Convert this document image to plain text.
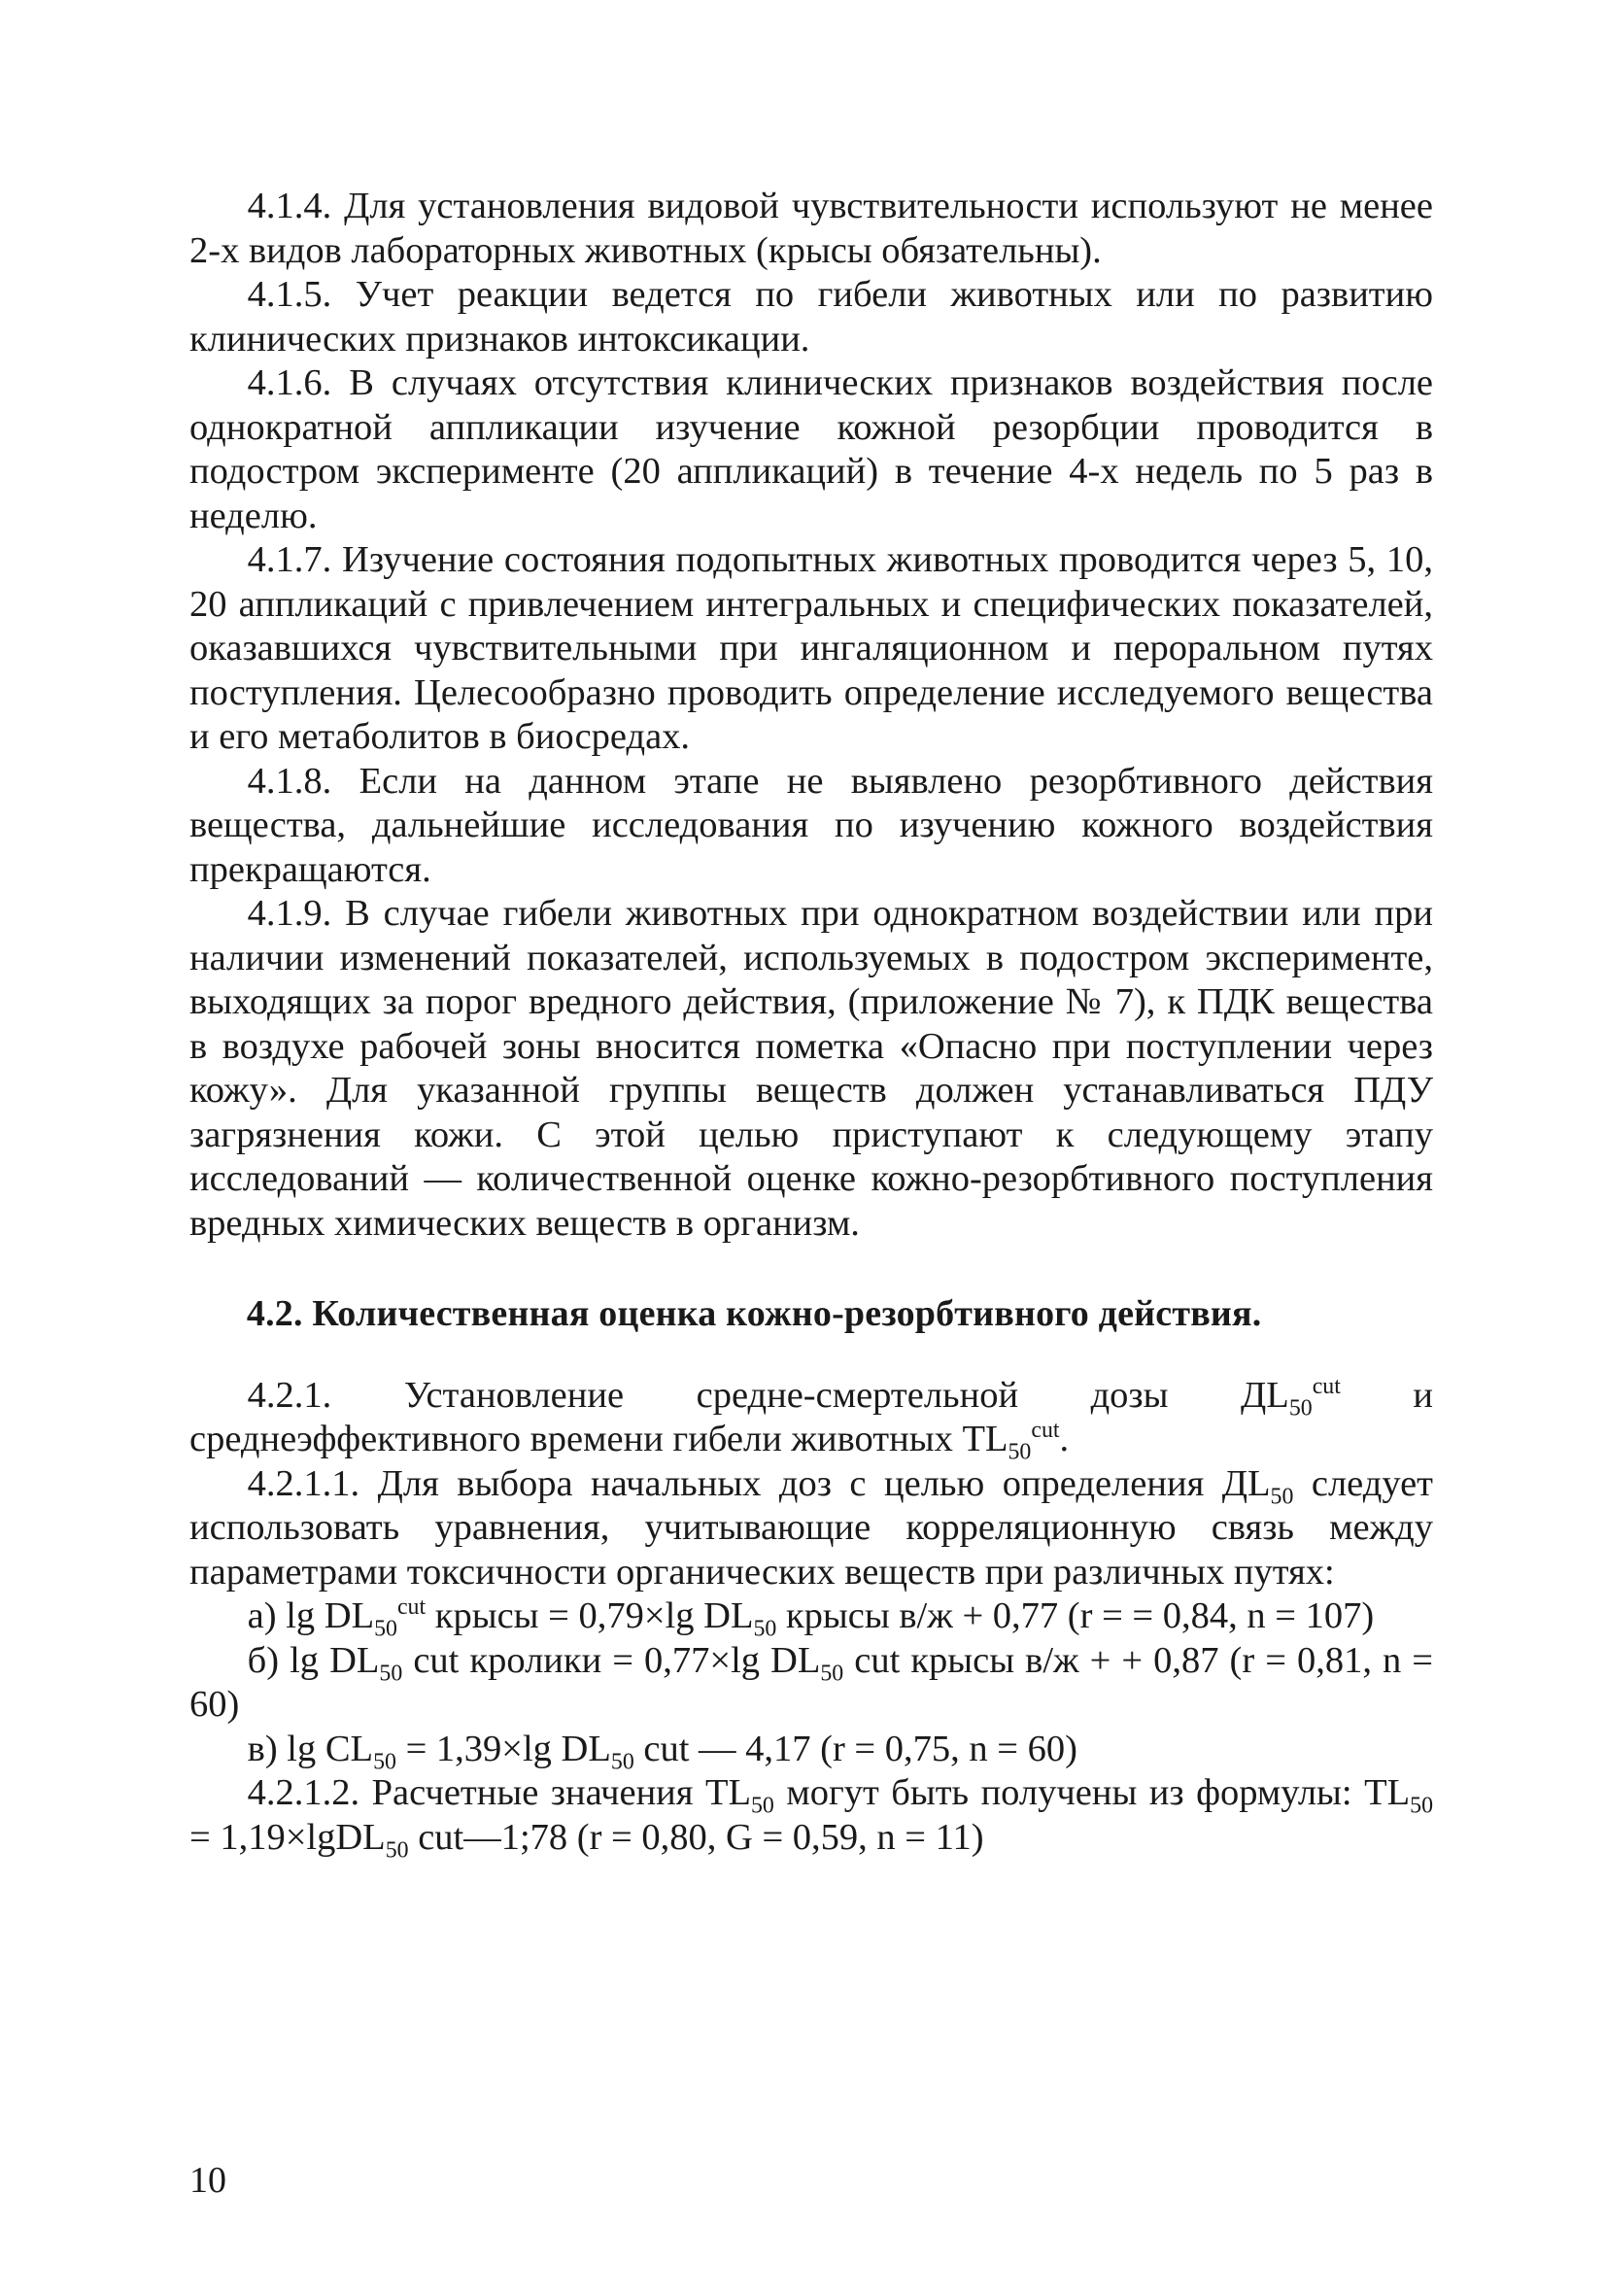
4.1.4. Для установления видовой чувствительности используют не менее 2-х видов лабораторных животных (крысы обязательны).

4.1.5. Учет реакции ведется по гибели животных или по развитию клинических признаков интоксикации.

4.1.6. В случаях отсутствия клинических признаков воздействия после однократной аппликации изучение кожной резорбции проводится в подостром эксперименте (20 аппликаций) в течение 4-х недель по 5 раз в неделю.

4.1.7. Изучение состояния подопытных животных проводится через 5, 10, 20 аппликаций с привлечением интегральных и специфических показателей, оказавшихся чувствительными при ингаляционном и пероральном путях поступления. Целесообразно проводить определение исследуемого вещества и его метаболитов в биосредах.

4.1.8. Если на данном этапе не выявлено резорбтивного действия вещества, дальнейшие исследования по изучению кожного воздействия прекращаются.

4.1.9. В случае гибели животных при однократном воздействии или при наличии изменений показателей, используемых в подостром эксперименте, выходящих за порог вредного действия, (приложение № 7), к ПДК вещества в воздухе рабочей зоны вносится пометка «Опасно при поступлении через кожу». Для указанной группы веществ должен устанавливаться ПДУ загрязнения кожи. С этой целью приступают к следующему этапу исследований — количественной оценке кожно-резорбтивного поступления вредных химических веществ в организм.

4.2. Количественная оценка кожно-резорбтивного действия.

4.2.1. Установление средне-смертельной дозы $ДL_{50}^{cut}$ и среднеэффективного времени гибели животных $TL_{50}^{cut}$.

4.2.1.1. Для выбора начальных доз с целью определения $ДL_{50}$ следует использовать уравнения, учитывающие корреляционную связь между параметрами токсичности органических веществ при различных путях:

а) $\lg DL_{50}^{cut}$ крысы = 0,79×lg $DL_{50}$ крысы в/ж + 0,77 (r = = 0,84, n = 107)

б) $\lg DL_{50}$ cut кролики = 0,77×lg $DL_{50}$ cut крысы в/ж + + 0,87 (r = 0,81, n = 60)

в) $\lg CL_{50} = 1,39\times\lg$ $DL_{50}$ cut — 4,17 (r = 0,75, n = 60)

4.2.1.2. Расчетные значения $TL_{50}$ могут быть получены из формулы: $TL_{50}$ = 1,19×lgDL$_{50}$ cut—1;78 (r = 0,80, G = 0,59, n = 11)

10
